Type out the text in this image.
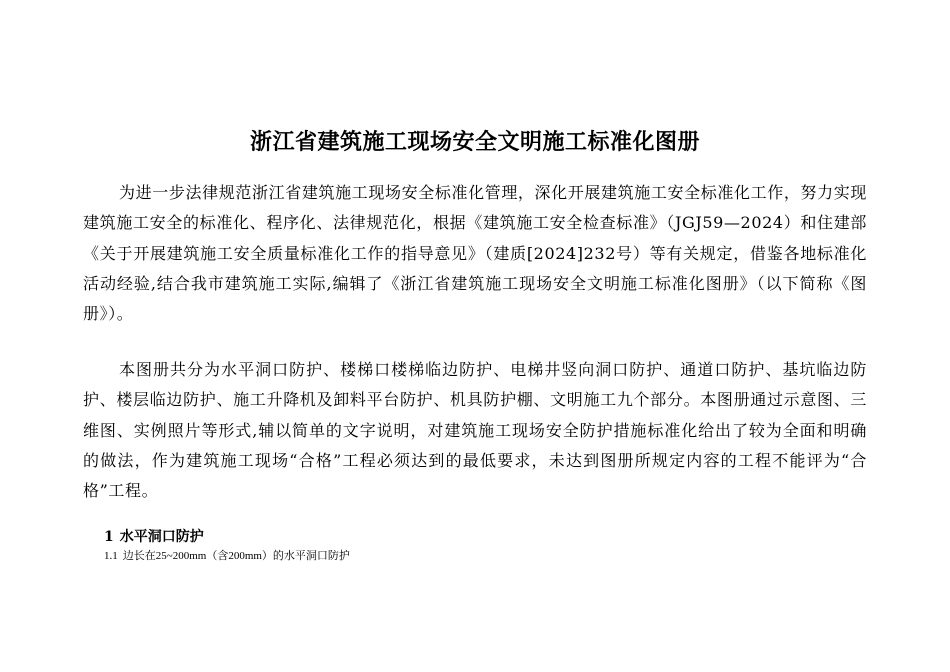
浙江省建筑施工现场安全文明施工标准化图册

为进一步法律规范浙江省建筑施工现场安全标准化管理，深化开展建筑施工安全标准化工作，努力实现建筑施工安全的标准化、程序化、法律规范化，根据《建筑施工安全检查标准》（JGJ59—2024）和住建部《关于开展建筑施工安全质量标准化工作的指导意见》（建质[2024]232号）等有关规定，借鉴各地标准化活动经验,结合我市建筑施工实际,编辑了《浙江省建筑施工现场安全文明施工标准化图册》（以下简称《图册》）。

本图册共分为水平洞口防护、楼梯口楼梯临边防护、电梯井竖向洞口防护、通道口防护、基坑临边防护、楼层临边防护、施工升降机及卸料平台防护、机具防护棚、文明施工九个部分。本图册通过示意图、三维图、实例照片等形式,辅以简单的文字说明，对建筑施工现场安全防护措施标准化给出了较为全面和明确的做法，作为建筑施工现场“合格”工程必须达到的最低要求，未达到图册所规定内容的工程不能评为“合格”工程。

1 水平洞口防护
1.1 边长在25~200mm（含200mm）的水平洞口防护
